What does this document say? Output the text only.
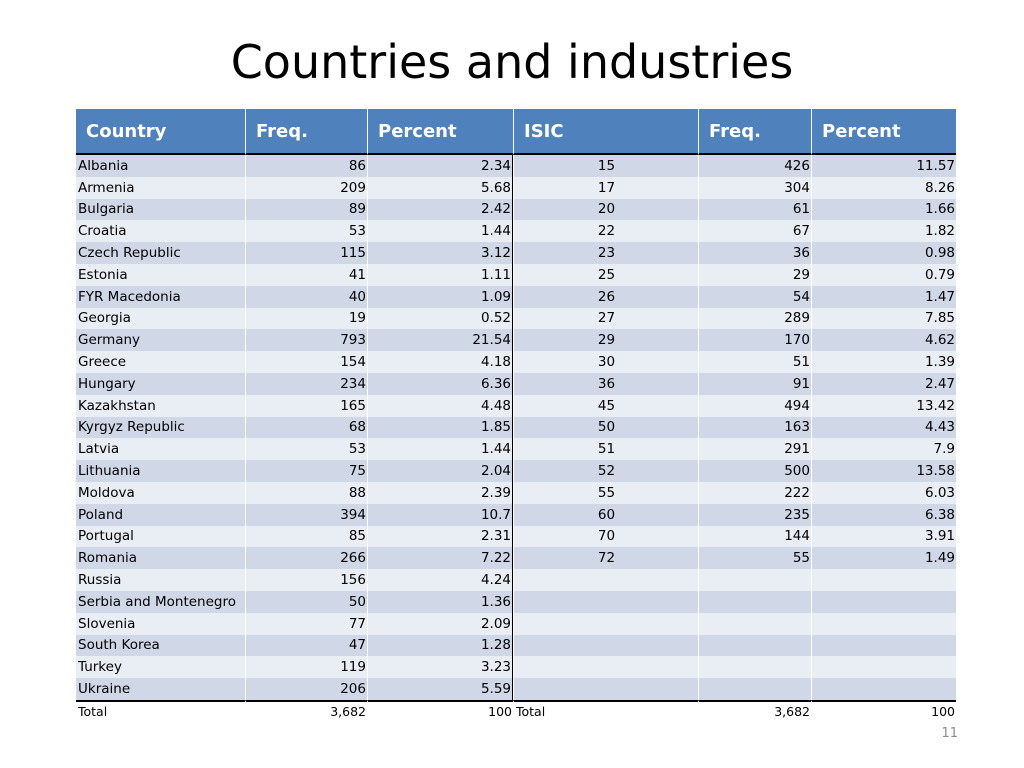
Countries and industries
Country	Freq.	Percent	ISIC	Freq.	Percent
Albania	86	2.34	15	426	11.57
Armenia	209	5.68	17	304	8.26
Bulgaria	89	2.42	20	61	1.66
Croatia	53	1.44	22	67	1.82
Czech Republic	115	3.12	23	36	0.98
Estonia	41	1.11	25	29	0.79
FYR Macedonia	40	1.09	26	54	1.47
Georgia	19	0.52	27	289	7.85
Germany	793	21.54	29	170	4.62
Greece	154	4.18	30	51	1.39
Hungary	234	6.36	36	91	2.47
Kazakhstan	165	4.48	45	494	13.42
Kyrgyz Republic	68	1.85	50	163	4.43
Latvia	53	1.44	51	291	7.9
Lithuania	75	2.04	52	500	13.58
Moldova	88	2.39	55	222	6.03
Poland	394	10.7	60	235	6.38
Portugal	85	2.31	70	144	3.91
Romania	266	7.22	72	55	1.49
Russia	156	4.24			
Serbia and Montenegro	50	1.36			
Slovenia	77	2.09			
South Korea	47	1.28			
Turkey	119	3.23			
Ukraine	206	5.59			
Total	3,682	100	Total	3,682	100
11
